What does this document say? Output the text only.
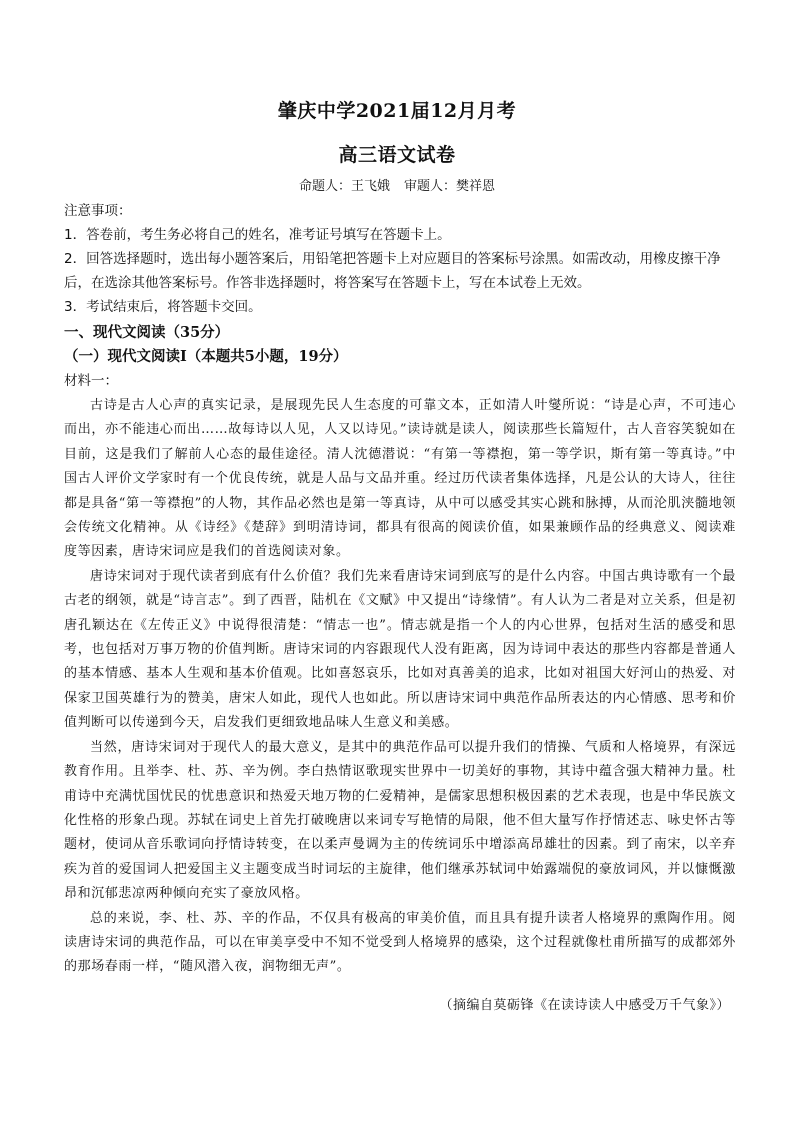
肇庆中学2021届12月月考
高三语文试卷
命题人：王飞娥 审题人：樊祥恩

注意事项：

1．答卷前，考生务必将自己的姓名，准考证号填写在答题卡上。

2．回答选择题时，选出每小题答案后，用铅笔把答题卡上对应题目的答案标号涂黑。如需改动，用橡皮擦干净后，在选涂其他答案标号。作答非选择题时，将答案写在答题卡上，写在本试卷上无效。

3．考试结束后，将答题卡交回。

一、现代文阅读（35分）
（一）现代文阅读Ⅰ（本题共5小题，19分）
材料一：

古诗是古人心声的真实记录，是展现先民人生态度的可靠文本，正如清人叶燮所说：“诗是心声，不可违心而出，亦不能违心而出……故每诗以人见，人又以诗见。”读诗就是读人，阅读那些长篇短什，古人音容笑貌如在目前，这是我们了解前人心态的最佳途径。清人沈德潜说：“有第一等襟抱，第一等学识，斯有第一等真诗。”中国古人评价文学家时有一个优良传统，就是人品与文品并重。经过历代读者集体选择，凡是公认的大诗人，往往都是具备“第一等襟抱”的人物，其作品必然也是第一等真诗，从中可以感受其实心跳和脉搏，从而沦肌浃髓地领会传统文化精神。从《诗经》《楚辞》到明清诗词，都具有很高的阅读价值，如果兼顾作品的经典意义、阅读难度等因素，唐诗宋词应是我们的首选阅读对象。

唐诗宋词对于现代读者到底有什么价值？我们先来看唐诗宋词到底写的是什么内容。中国古典诗歌有一个最古老的纲领，就是“诗言志”。到了西晋，陆机在《文赋》中又提出“诗缘情”。有人认为二者是对立关系，但是初唐孔颖达在《左传正义》中说得很清楚：“情志一也”。情志就是指一个人的内心世界，包括对生活的感受和思考，也包括对万事万物的价值判断。唐诗宋词的内容跟现代人没有距离，因为诗词中表达的那些内容都是普通人的基本情感、基本人生观和基本价值观。比如喜怒哀乐，比如对真善美的追求，比如对祖国大好河山的热爱、对保家卫国英雄行为的赞美，唐宋人如此，现代人也如此。所以唐诗宋词中典范作品所表达的内心情感、思考和价值判断可以传递到今天，启发我们更细致地品味人生意义和美感。

当然，唐诗宋词对于现代人的最大意义，是其中的典范作品可以提升我们的情操、气质和人格境界，有深远教育作用。且举李、杜、苏、辛为例。李白热情讴歌现实世界中一切美好的事物，其诗中蕴含强大精神力量。杜甫诗中充满忧国忧民的忧患意识和热爱天地万物的仁爱精神，是儒家思想积极因素的艺术表现，也是中华民族文化性格的形象凸现。苏轼在词史上首先打破晚唐以来词专写艳情的局限，他不但大量写作抒情述志、咏史怀古等题材，使词从音乐歌词向抒情诗转变，在以柔声曼调为主的传统词乐中增添高昂雄壮的因素。到了南宋，以辛弃疾为首的爱国词人把爱国主义主题变成当时词坛的主旋律，他们继承苏轼词中始露端倪的豪放词风，并以慷慨激昂和沉郁悲凉两种倾向充实了豪放风格。

总的来说，李、杜、苏、辛的作品，不仅具有极高的审美价值，而且具有提升读者人格境界的熏陶作用。阅读唐诗宋词的典范作品，可以在审美享受中不知不觉受到人格境界的感染，这个过程就像杜甫所描写的成都郊外的那场春雨一样，“随风潜入夜，润物细无声”。

（摘编自莫砺锋《在读诗读人中感受万千气象》）
